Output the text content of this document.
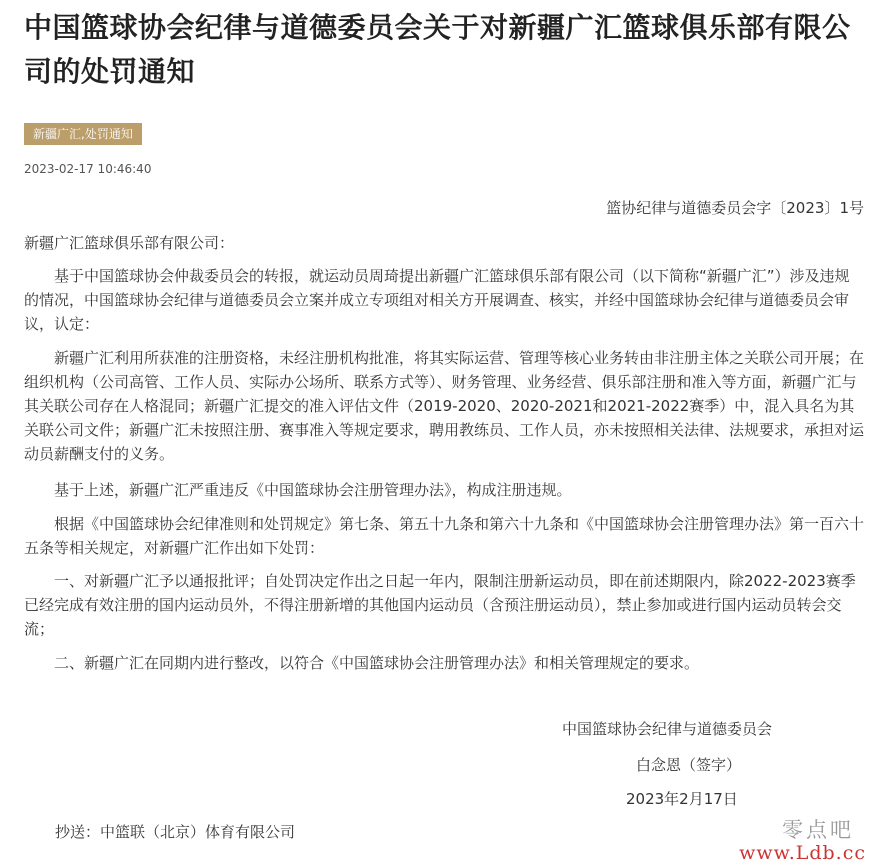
中国篮球协会纪律与道德委员会关于对新疆广汇篮球俱乐部有限公司的处罚通知
新疆广汇,处罚通知
2023-02-17 10:46:40
篮协纪律与道德委员会字〔2023〕1号
新疆广汇篮球俱乐部有限公司：

基于中国篮球协会仲裁委员会的转报，就运动员周琦提出新疆广汇篮球俱乐部有限公司（以下简称“新疆广汇”）涉及违规的情况，中国篮球协会纪律与道德委员会立案并成立专项组对相关方开展调查、核实，并经中国篮球协会纪律与道德委员会审议，认定：

新疆广汇利用所获准的注册资格，未经注册机构批准，将其实际运营、管理等核心业务转由非注册主体之关联公司开展；在组织机构（公司高管、工作人员、实际办公场所、联系方式等）、财务管理、业务经营、俱乐部注册和准入等方面，新疆广汇与其关联公司存在人格混同；新疆广汇提交的准入评估文件（2019-2020、2020-2021和2021-2022赛季）中，混入具名为其关联公司文件；新疆广汇未按照注册、赛事准入等规定要求，聘用教练员、工作人员，亦未按照相关法律、法规要求，承担对运动员薪酬支付的义务。

基于上述，新疆广汇严重违反《中国篮球协会注册管理办法》，构成注册违规。

根据《中国篮球协会纪律准则和处罚规定》第七条、第五十九条和第六十九条和《中国篮球协会注册管理办法》第一百六十五条等相关规定，对新疆广汇作出如下处罚：

一、对新疆广汇予以通报批评；自处罚决定作出之日起一年内，限制注册新运动员，即在前述期限内，除2022-2023赛季已经完成有效注册的国内运动员外，不得注册新增的其他国内运动员（含预注册运动员），禁止参加或进行国内运动员转会交流；

二、新疆广汇在同期内进行整改，以符合《中国篮球协会注册管理办法》和相关管理规定的要求。

中国篮球协会纪律与道德委员会
白念恩（签字）
2023年2月17日
抄送：中篮联（北京）体育有限公司	零点吧
www.Ldb.cc
